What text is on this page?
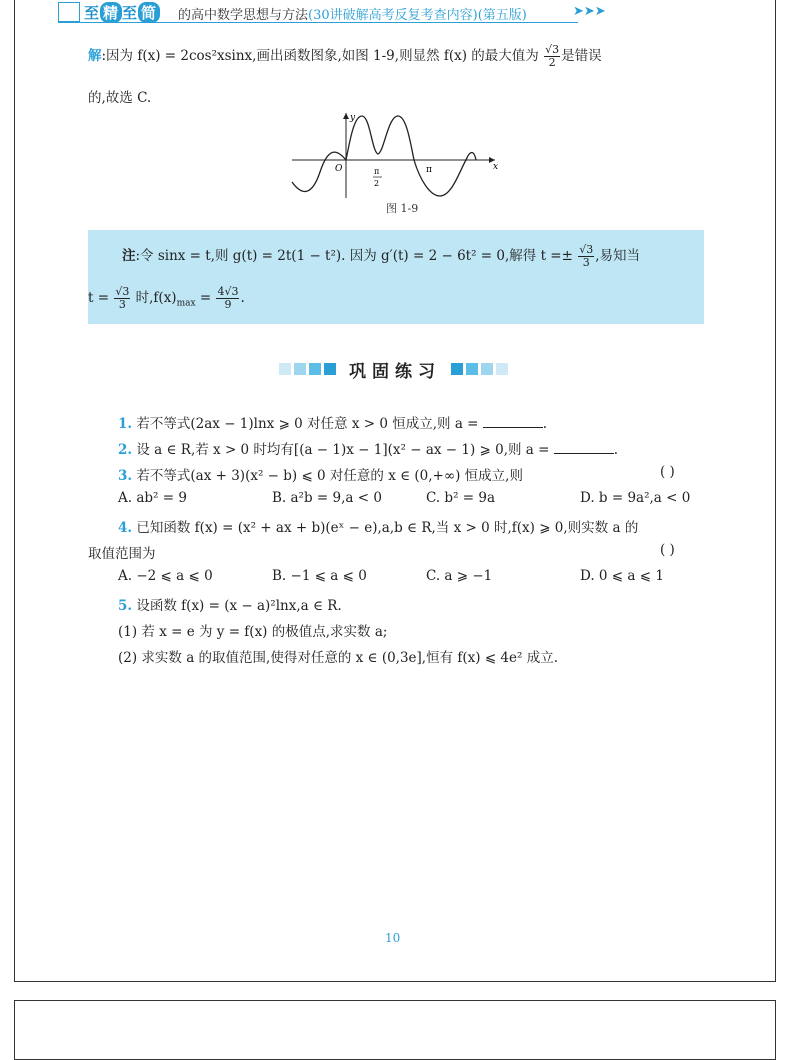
至 精 至 简 的高中数学思想与方法(30讲破解高考反复考查内容)(第五版)	➤➤➤
解:因为 f(x) = 2cos²xsinx,画出函数图象,如图 1-9,则显然 f(x) 的最大值为 $\frac{√3}{2}$ 是错误
的,故选 C.
y
x
O	π
π
2
图 1-9
注:令 sinx = t,则 g(t) = 2t(1 − t²). 因为 g′(t) = 2 − 6t² = 0,解得 $t =\pm \frac{√3}{3}$ ,易知当
$t = \frac{√3}{3}$ 时$,f(x)_{max} = \frac{4√3}{9}$ .
巩固练习
1. 若不等式(2ax − 1)lnx ⩾ 0 对任意 x > 0 恒成立,则 a =	.
2. 设 a ∈ R,若 x > 0 时均有[(a − 1)x − 1](x² − ax − 1) ⩾ 0,则 a =	.
3. 若不等式(ax + 3)(x² − b) ⩽ 0 对任意的 x ∈ (0,+∞) 恒成立,则	( )
A. ab² = 9	B. a²b = 9,a < 0	C. b² = 9a	D. b = 9a²,a < 0
4. 已知函数 f(x) = (x² + ax + b)(eˣ − e),a,b ∈ R,当 x > 0 时,f(x) ⩾ 0,则实数 a 的
取值范围为	( )
A. −2 ⩽ a ⩽ 0	B. −1 ⩽ a ⩽ 0	C. a ⩾ −1	D. 0 ⩽ a ⩽ 1
5. 设函数 f(x) = (x − a)²lnx,a ∈ R.
(1) 若 x = e 为 y = f(x) 的极值点,求实数 a;
(2) 求实数 a 的取值范围,使得对任意的 x ∈ (0,3e],恒有 f(x) ⩽ 4e² 成立.
10
